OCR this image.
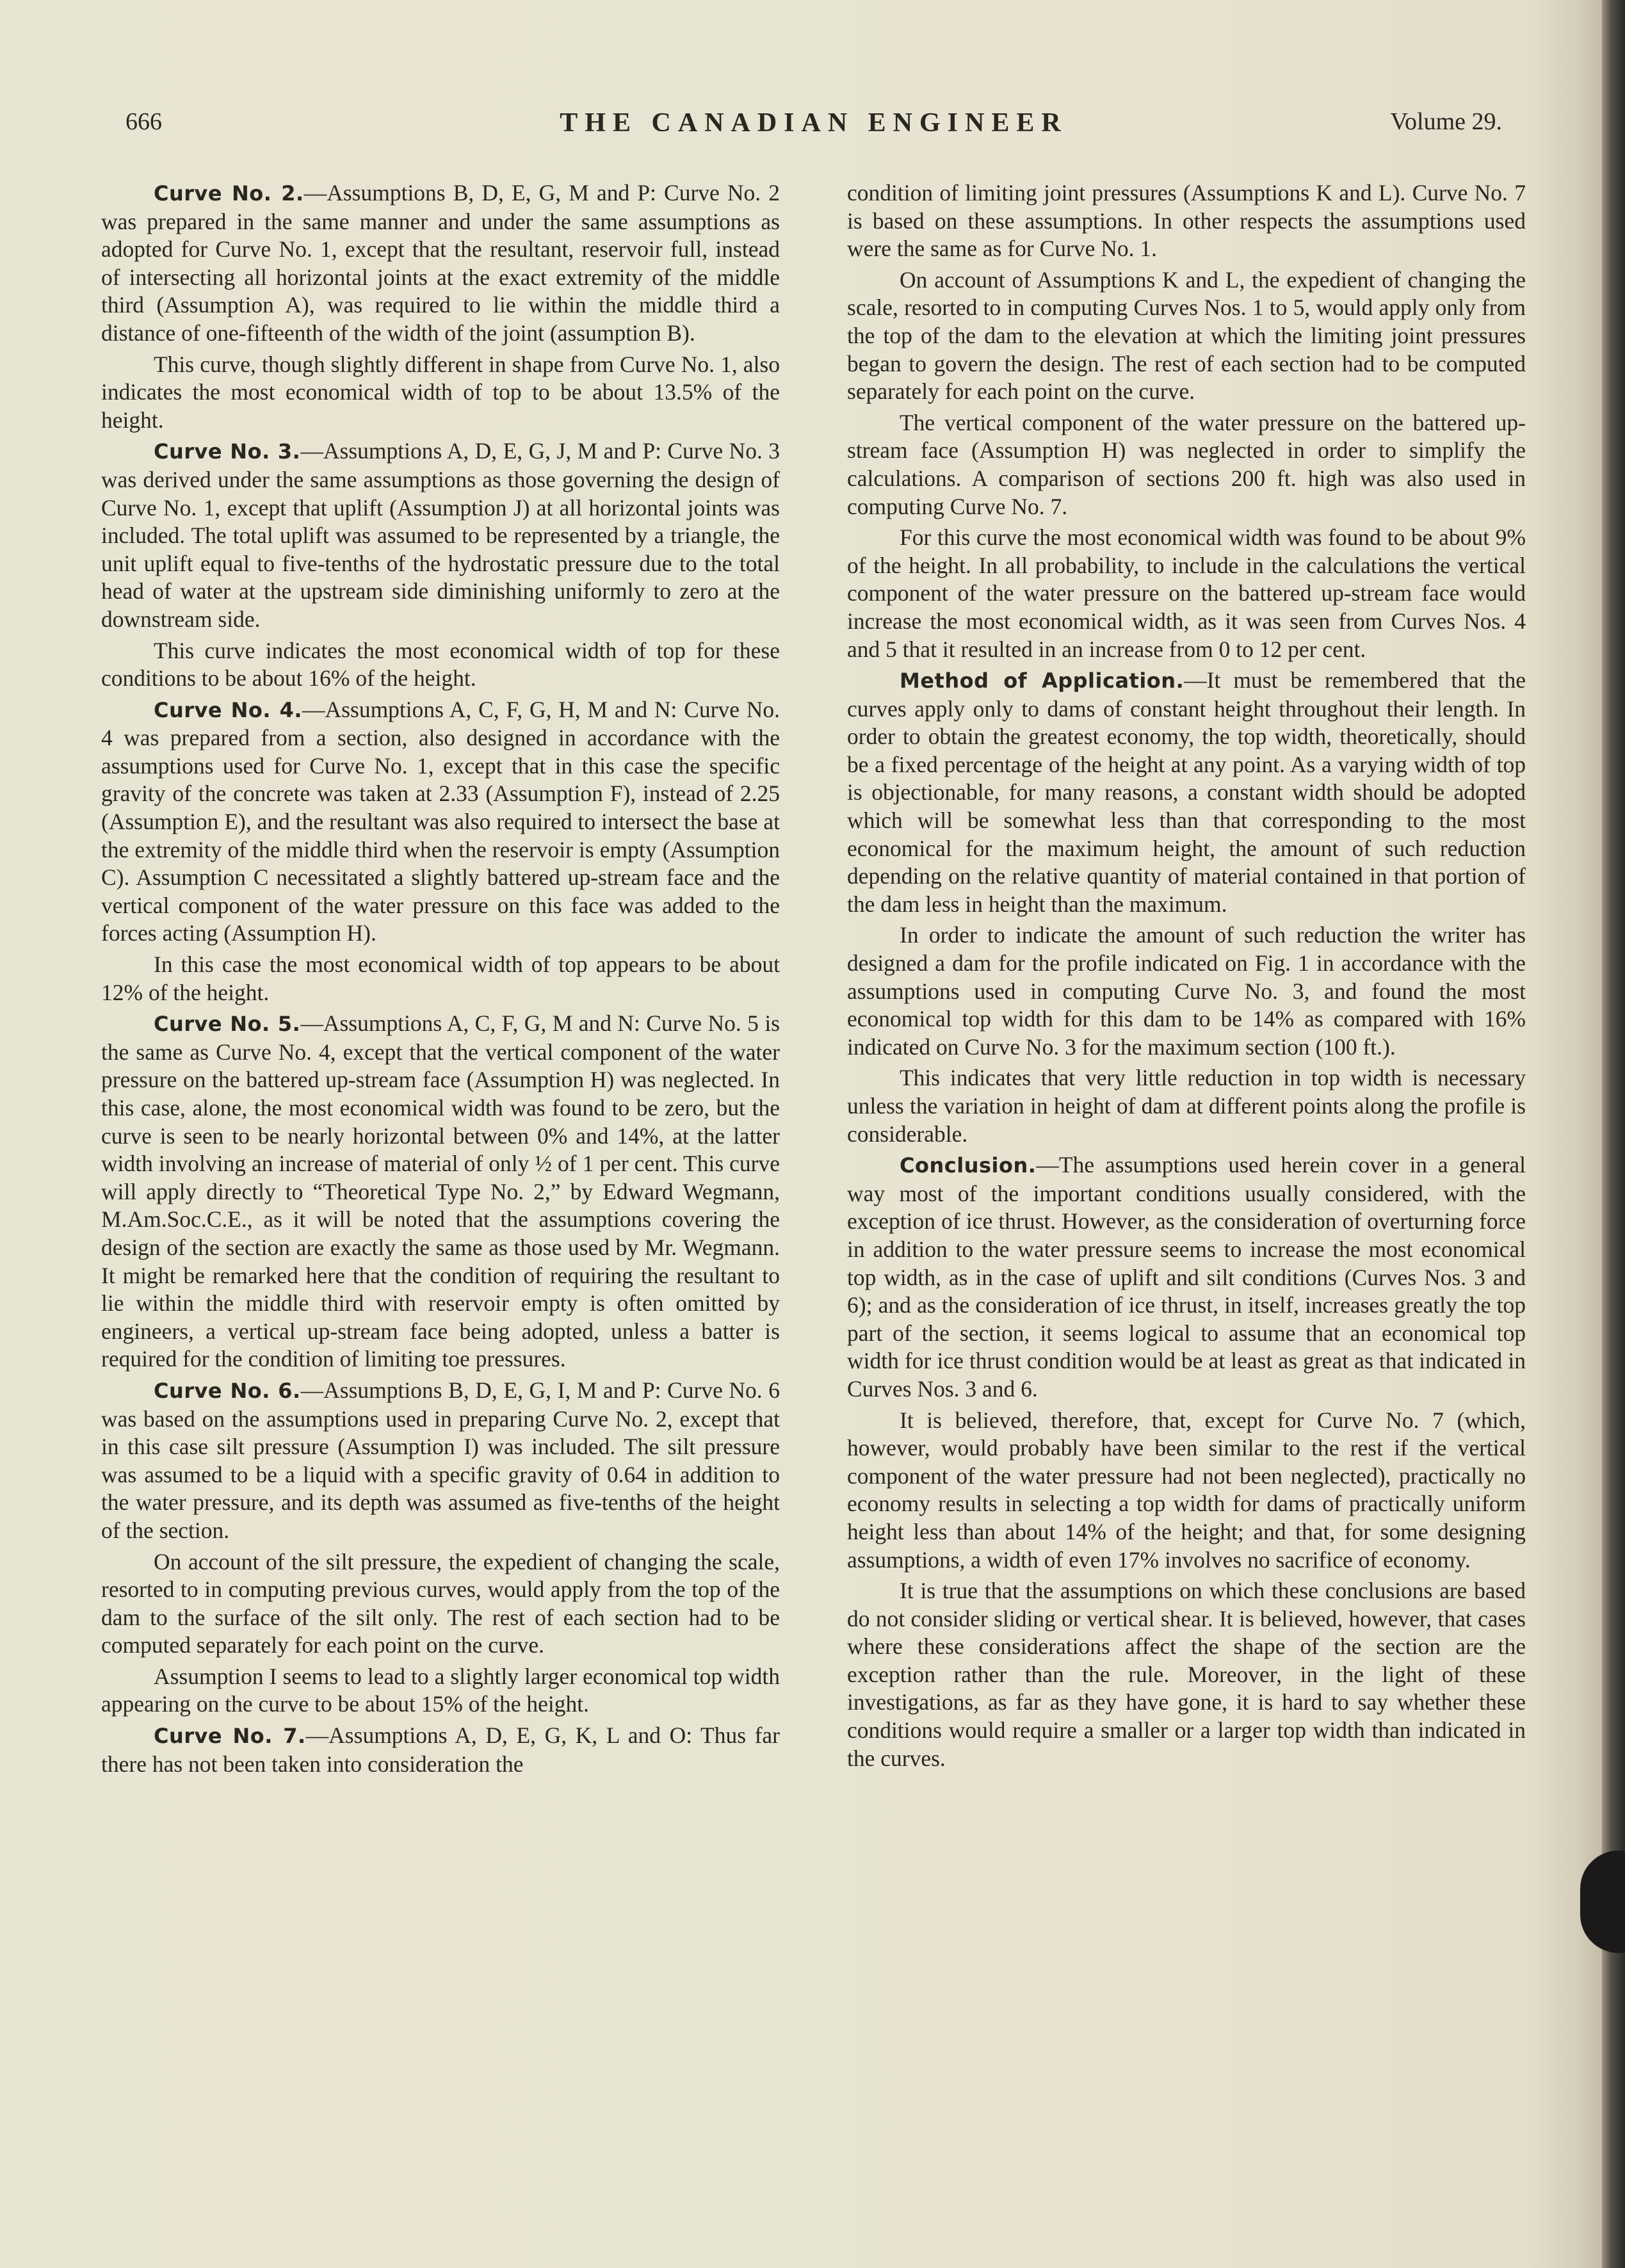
666	THE CANADIAN ENGINEER	Volume 29.

Curve No. 2.—Assumptions B, D, E, G, M and P: Curve No. 2 was prepared in the same manner and under the same assumptions as adopted for Curve No. 1, except that the resultant, reservoir full, instead of intersecting all horizontal joints at the exact extremity of the middle third (Assumption A), was required to lie within the middle third a distance of one-fifteenth of the width of the joint (assumption B).

This curve, though slightly different in shape from Curve No. 1, also indicates the most economical width of top to be about 13.5% of the height.

Curve No. 3.—Assumptions A, D, E, G, J, M and P: Curve No. 3 was derived under the same assumptions as those governing the design of Curve No. 1, except that uplift (Assumption J) at all horizontal joints was included. The total uplift was assumed to be represented by a triangle, the unit uplift equal to five-tenths of the hydrostatic pressure due to the total head of water at the upstream side diminishing uniformly to zero at the downstream side.

This curve indicates the most economical width of top for these conditions to be about 16% of the height.

Curve No. 4.—Assumptions A, C, F, G, H, M and N: Curve No. 4 was prepared from a section, also designed in accordance with the assumptions used for Curve No. 1, except that in this case the specific gravity of the concrete was taken at 2.33 (Assumption F), instead of 2.25 (Assumption E), and the resultant was also required to intersect the base at the extremity of the middle third when the reservoir is empty (Assumption C). Assumption C necessitated a slightly battered up-stream face and the vertical component of the water pressure on this face was added to the forces acting (Assumption H).

In this case the most economical width of top appears to be about 12% of the height.

Curve No. 5.—Assumptions A, C, F, G, M and N: Curve No. 5 is the same as Curve No. 4, except that the vertical component of the water pressure on the battered up-stream face (Assumption H) was neglected. In this case, alone, the most economical width was found to be zero, but the curve is seen to be nearly horizontal between 0% and 14%, at the latter width involving an increase of material of only ½ of 1 per cent. This curve will apply directly to “Theoretical Type No. 2,” by Edward Wegmann, M.Am.Soc.C.E., as it will be noted that the assumptions covering the design of the section are exactly the same as those used by Mr. Wegmann. It might be remarked here that the condition of requiring the resultant to lie within the middle third with reservoir empty is often omitted by engineers, a vertical up-stream face being adopted, unless a batter is required for the condition of limiting toe pressures.

Curve No. 6.—Assumptions B, D, E, G, I, M and P: Curve No. 6 was based on the assumptions used in preparing Curve No. 2, except that in this case silt pressure (Assumption I) was included. The silt pressure was assumed to be a liquid with a specific gravity of 0.64 in addition to the water pressure, and its depth was assumed as five-tenths of the height of the section.

On account of the silt pressure, the expedient of changing the scale, resorted to in computing previous curves, would apply from the top of the dam to the surface of the silt only. The rest of each section had to be computed separately for each point on the curve.

Assumption I seems to lead to a slightly larger economical top width appearing on the curve to be about 15% of the height.

Curve No. 7.—Assumptions A, D, E, G, K, L and O: Thus far there has not been taken into consideration the

condition of limiting joint pressures (Assumptions K and L). Curve No. 7 is based on these assumptions. In other respects the assumptions used were the same as for Curve No. 1.

On account of Assumptions K and L, the expedient of changing the scale, resorted to in computing Curves Nos. 1 to 5, would apply only from the top of the dam to the elevation at which the limiting joint pressures began to govern the design. The rest of each section had to be computed separately for each point on the curve.

The vertical component of the water pressure on the battered up-stream face (Assumption H) was neglected in order to simplify the calculations. A comparison of sections 200 ft. high was also used in computing Curve No. 7.

For this curve the most economical width was found to be about 9% of the height. In all probability, to include in the calculations the vertical component of the water pressure on the battered up-stream face would increase the most economical width, as it was seen from Curves Nos. 4 and 5 that it resulted in an increase from 0 to 12 per cent.

Method of Application.—It must be remembered that the curves apply only to dams of constant height throughout their length. In order to obtain the greatest economy, the top width, theoretically, should be a fixed percentage of the height at any point. As a varying width of top is objectionable, for many reasons, a constant width should be adopted which will be somewhat less than that corresponding to the most economical for the maximum height, the amount of such reduction depending on the relative quantity of material contained in that portion of the dam less in height than the maximum.

In order to indicate the amount of such reduction the writer has designed a dam for the profile indicated on Fig. 1 in accordance with the assumptions used in computing Curve No. 3, and found the most economical top width for this dam to be 14% as compared with 16% indicated on Curve No. 3 for the maximum section (100 ft.).

This indicates that very little reduction in top width is necessary unless the variation in height of dam at different points along the profile is considerable.

Conclusion.—The assumptions used herein cover in a general way most of the important conditions usually considered, with the exception of ice thrust. However, as the consideration of overturning force in addition to the water pressure seems to increase the most economical top width, as in the case of uplift and silt conditions (Curves Nos. 3 and 6); and as the consideration of ice thrust, in itself, increases greatly the top part of the section, it seems logical to assume that an economical top width for ice thrust condition would be at least as great as that indicated in Curves Nos. 3 and 6.

It is believed, therefore, that, except for Curve No. 7 (which, however, would probably have been similar to the rest if the vertical component of the water pressure had not been neglected), practically no economy results in selecting a top width for dams of practically uniform height less than about 14% of the height; and that, for some designing assumptions, a width of even 17% involves no sacrifice of economy.

It is true that the assumptions on which these conclusions are based do not consider sliding or vertical shear. It is believed, however, that cases where these considerations affect the shape of the section are the exception rather than the rule. Moreover, in the light of these investigations, as far as they have gone, it is hard to say whether these conditions would require a smaller or a larger top width than indicated in the curves.
